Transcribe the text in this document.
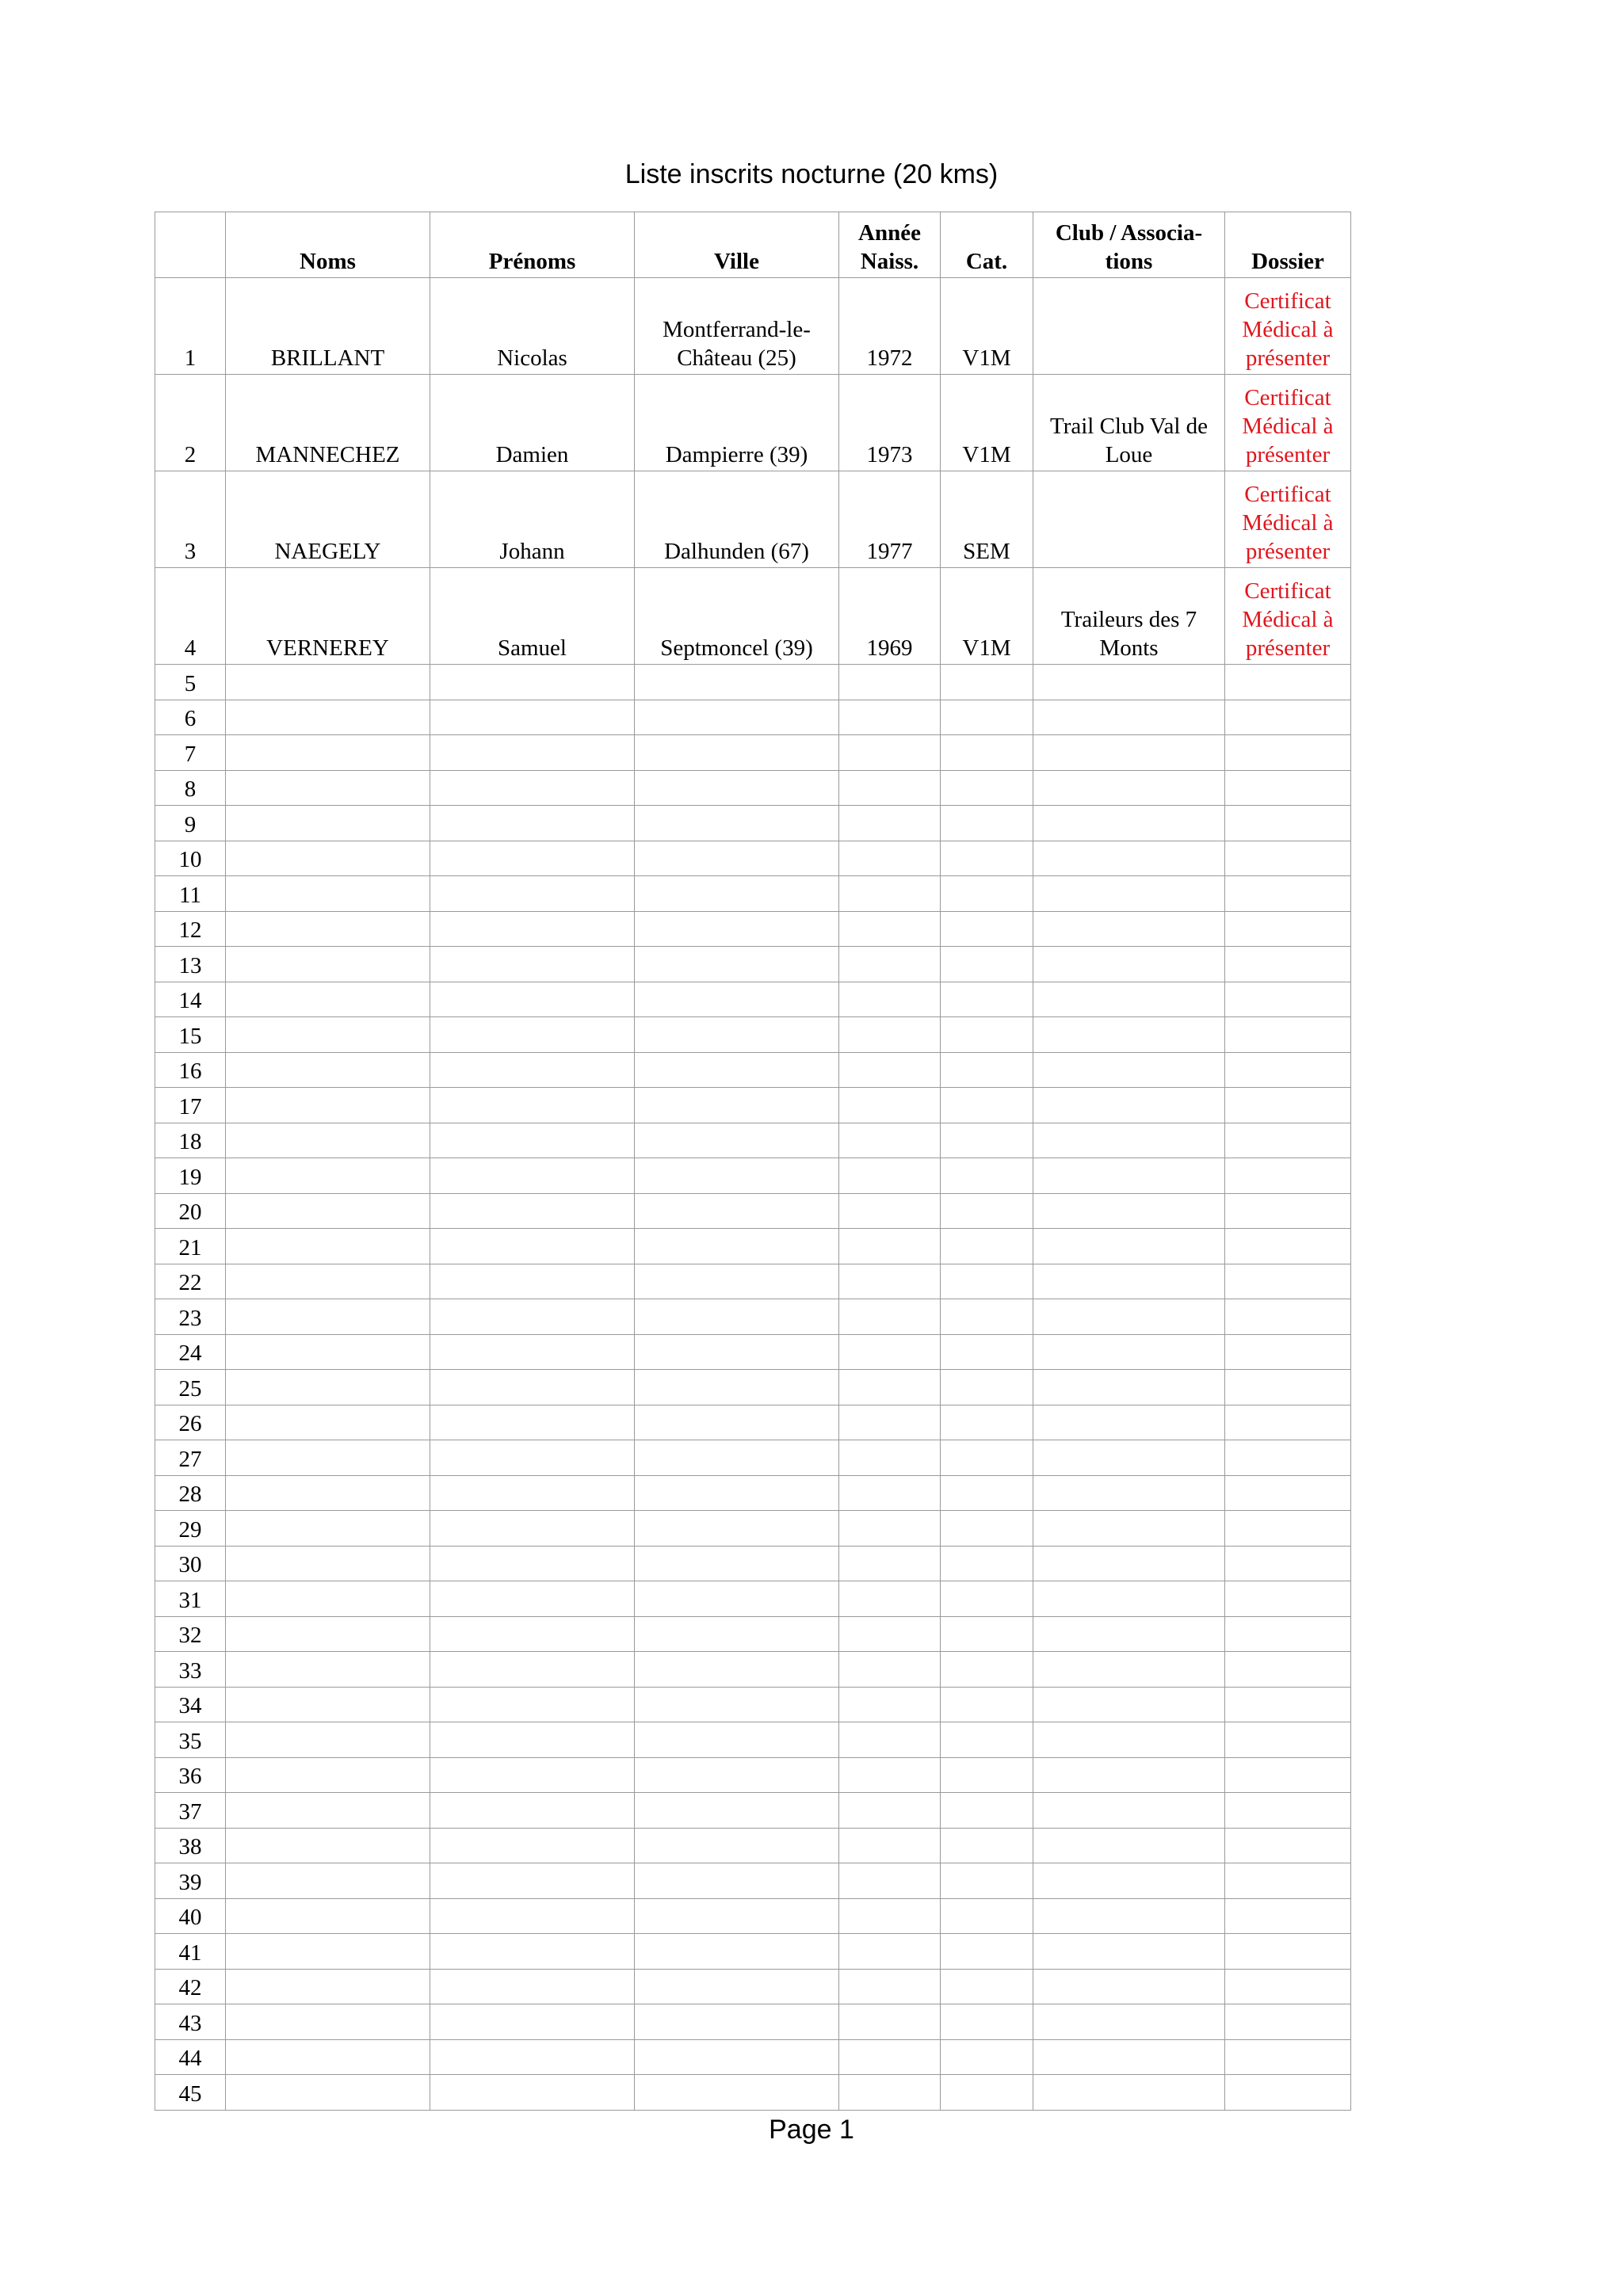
Liste inscrits nocturne (20 kms)
	Noms	Prénoms	Ville	Année
Naiss.	Cat.	Club / Associa-
tions	Dossier
1	BRILLANT	Nicolas	Montferrand-le-
Château (25)	1972	V1M		Certificat
Médical à
présenter
2	MANNECHEZ	Damien	Dampierre (39)	1973	V1M	Trail Club Val de
Loue	Certificat
Médical à
présenter
3	NAEGELY	Johann	Dalhunden (67)	1977	SEM		Certificat
Médical à
présenter
4	VERNEREY	Samuel	Septmoncel (39)	1969	V1M	Traileurs des 7
Monts	Certificat
Médical à
présenter
5							
6							
7							
8							
9							
10							
11							
12							
13							
14							
15							
16							
17							
18							
19							
20							
21							
22							
23							
24							
25							
26							
27							
28							
29							
30							
31							
32							
33							
34							
35							
36							
37							
38							
39							
40							
41							
42							
43							
44							
45							
Page 1
